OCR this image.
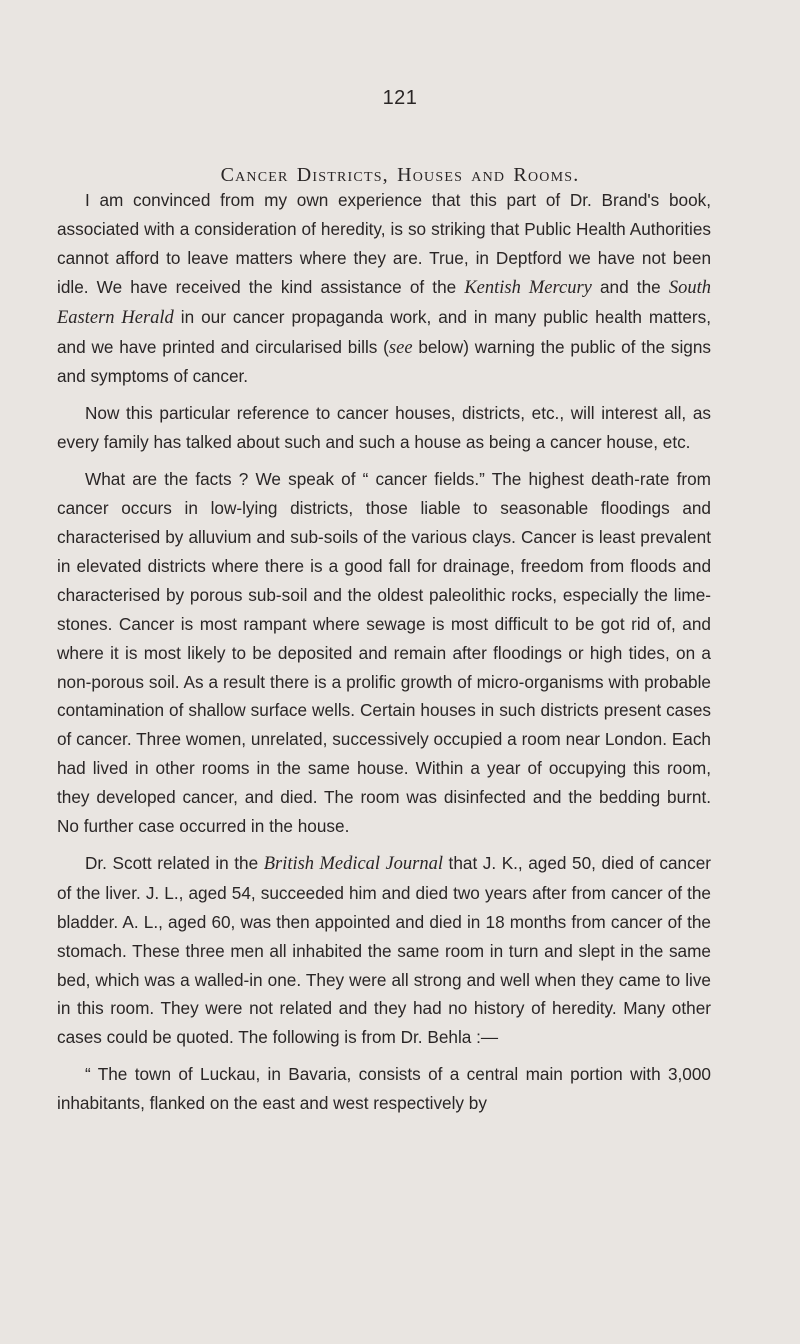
121
Cancer Districts, Houses and Rooms.

I am convinced from my own experience that this part of Dr. Brand's book, associated with a consideration of heredity, is so striking that Public Health Authorities cannot afford to leave matters where they are. True, in Deptford we have not been idle. We have received the kind assistance of the Kentish Mercury and the South Eastern Herald in our cancer propaganda work, and in many public health matters, and we have printed and circularised bills (see below) warning the public of the signs and symptoms of cancer.

Now this particular reference to cancer houses, districts, etc., will interest all, as every family has talked about such and such a house as being a cancer house, etc.

What are the facts ? We speak of “ cancer fields.” The highest death-rate from cancer occurs in low-lying districts, those liable to seasonable floodings and characterised by alluvium and sub-soils of the various clays. Cancer is least prevalent in elevated districts where there is a good fall for drainage, freedom from floods and characterised by porous sub-soil and the oldest paleolithic rocks, especially the lime- stones. Cancer is most rampant where sewage is most difficult to be got rid of, and where it is most likely to be deposited and remain after floodings or high tides, on a non-porous soil. As a result there is a prolific growth of micro-organisms with probable contamination of shallow surface wells. Certain houses in such districts present cases of cancer. Three women, unrelated, successively occupied a room near London. Each had lived in other rooms in the same house. Within a year of occupying this room, they developed cancer, and died. The room was disinfected and the bedding burnt. No further case occurred in the house.

Dr. Scott related in the British Medical Journal that J. K., aged 50, died of cancer of the liver. J. L., aged 54, succeeded him and died two years after from cancer of the bladder. A. L., aged 60, was then appointed and died in 18 months from cancer of the stomach. These three men all inhabited the same room in turn and slept in the same bed, which was a walled-in one. They were all strong and well when they came to live in this room. They were not related and they had no history of heredity. Many other cases could be quoted. The following is from Dr. Behla :—

“ The town of Luckau, in Bavaria, consists of a central main portion with 3,000 inhabitants, flanked on the east and west respectively by
